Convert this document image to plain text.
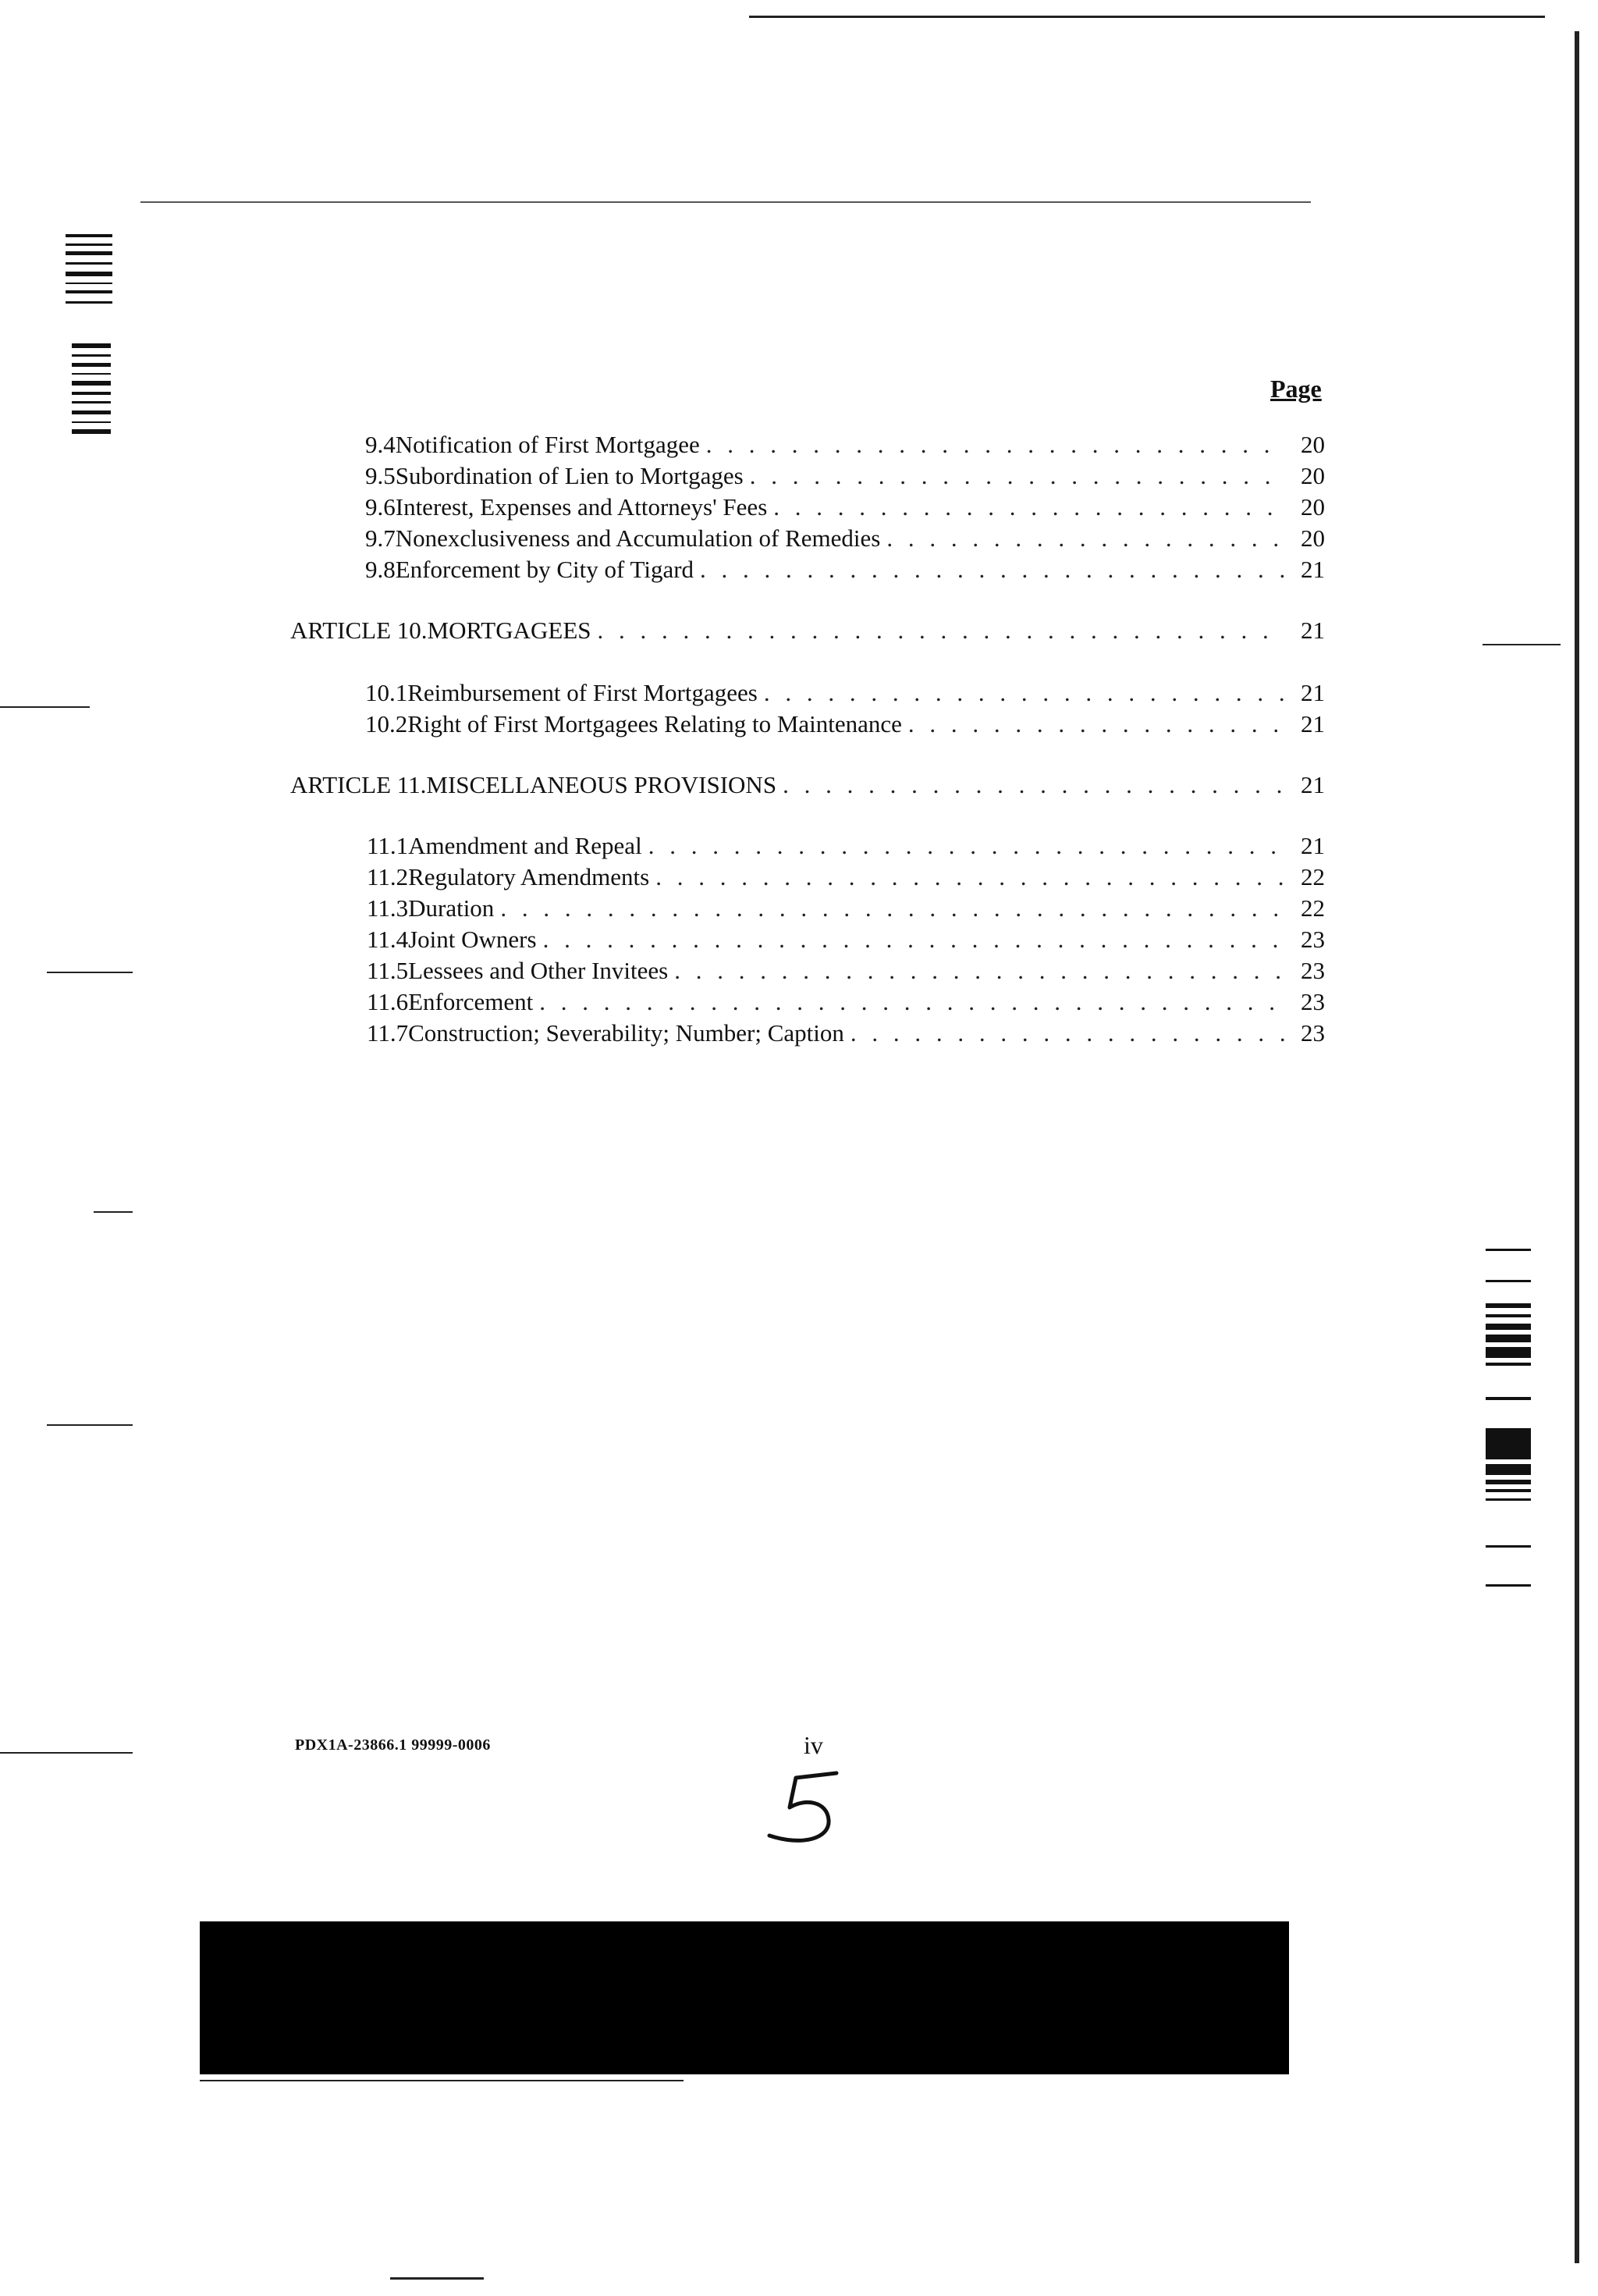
Page
9.4 Notification of First Mortgagee . . .	20
9.5 Subordination of Lien to Mortgages . . .	20
9.6 Interest, Expenses and Attorneys' Fees . . .	20
9.7 Nonexclusiveness and Accumulation of Remedies . . .	20
9.8 Enforcement by City of Tigard . . .	21
ARTICLE 10. MORTGAGEES . . .	21
10.1 Reimbursement of First Mortgagees . . .	21
10.2 Right of First Mortgagees Relating to Maintenance . . .	21
ARTICLE 11. MISCELLANEOUS PROVISIONS . . .	21
11.1 Amendment and Repeal . . .	21
11.2 Regulatory Amendments . . .	22
11.3 Duration . . .	22
11.4 Joint Owners . . .	23
11.5 Lessees and Other Invitees . . .	23
11.6 Enforcement . . .	23
11.7 Construction; Severability; Number; Caption . . .	23
PDX1A-23866.1 99999-0006	iv
